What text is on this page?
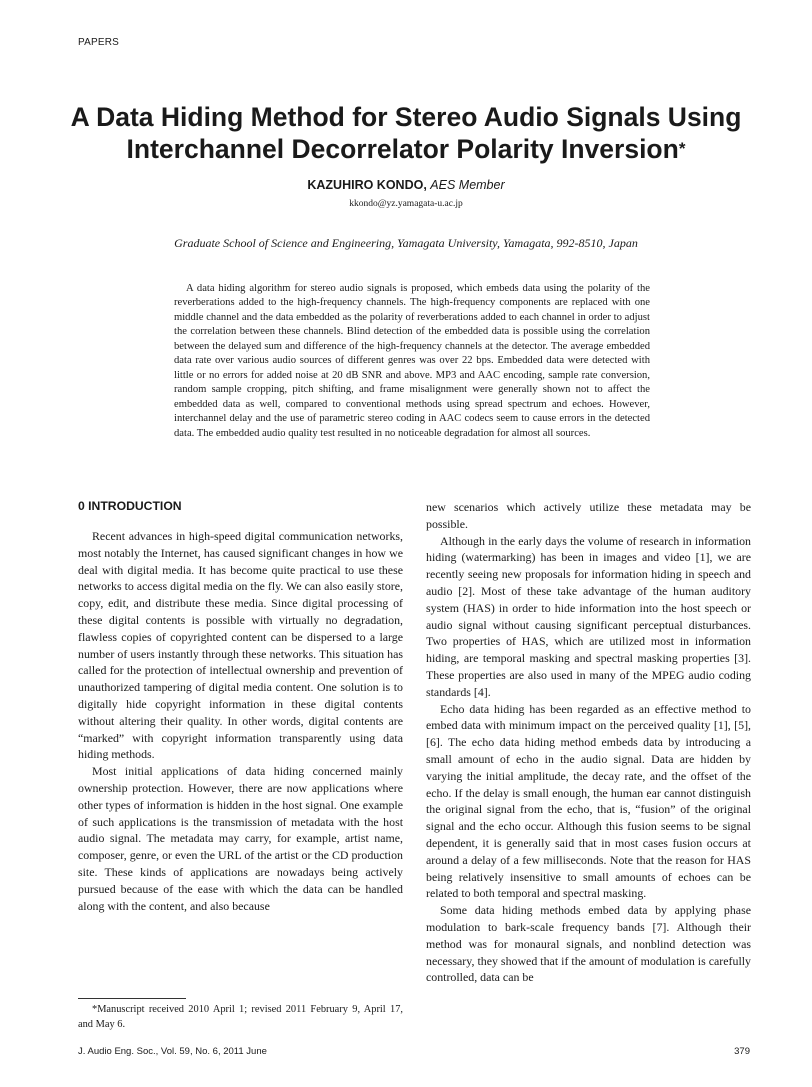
PAPERS
A Data Hiding Method for Stereo Audio Signals Using Interchannel Decorrelator Polarity Inversion*
KAZUHIRO KONDO, AES Member
kkondo@yz.yamagata-u.ac.jp
Graduate School of Science and Engineering, Yamagata University, Yamagata, 992-8510, Japan

A data hiding algorithm for stereo audio signals is proposed, which embeds data using the polarity of the reverberations added to the high-frequency channels. The high-frequency components are replaced with one middle channel and the data embedded as the polarity of reverberations added to each channel in order to adjust the correlation between these channels. Blind detection of the embedded data is possible using the correlation between the delayed sum and difference of the high-frequency channels at the detector. The average embedded data rate over various audio sources of different genres was over 22 bps. Embedded data were detected with little or no errors for added noise at 20 dB SNR and above. MP3 and AAC encoding, sample rate conversion, random sample cropping, pitch shifting, and frame misalignment were generally shown not to affect the embedded data as well, compared to conventional methods using spread spectrum and echoes. However, interchannel delay and the use of parametric stereo coding in AAC codecs seem to cause errors in the detected data. The embedded audio quality test resulted in no noticeable degradation for almost all sources.

0 INTRODUCTION

Recent advances in high-speed digital communication networks, most notably the Internet, has caused significant changes in how we deal with digital media. It has become quite practical to use these networks to access digital media on the fly. We can also easily store, copy, edit, and distribute these media. Since digital processing of these digital contents is possible with virtually no degradation, flawless copies of copyrighted content can be dispersed to a large number of users instantly through these networks. This situation has called for the protection of intellectual ownership and prevention of unauthorized tampering of digital media content. One solution is to digitally hide copyright information in these digital contents without altering their quality. In other words, digital contents are “marked” with copyright information transparently using data hiding methods.

Most initial applications of data hiding concerned mainly ownership protection. However, there are now applications where other types of information is hidden in the host signal. One example of such applications is the transmission of metadata with the host audio signal. The metadata may carry, for example, artist name, composer, genre, or even the URL of the artist or the CD production site. These kinds of applications are nowadays being actively pursued because of the ease with which the data can be handled along with the content, and also because

new scenarios which actively utilize these metadata may be possible.

Although in the early days the volume of research in information hiding (watermarking) has been in images and video [1], we are recently seeing new proposals for information hiding in speech and audio [2]. Most of these take advantage of the human auditory system (HAS) in order to hide information into the host speech or audio signal without causing significant perceptual disturbances. Two properties of HAS, which are utilized most in information hiding, are temporal masking and spectral masking properties [3]. These properties are also used in many of the MPEG audio coding standards [4].

Echo data hiding has been regarded as an effective method to embed data with minimum impact on the perceived quality [1], [5], [6]. The echo data hiding method embeds data by introducing a small amount of echo in the audio signal. Data are hidden by varying the initial amplitude, the decay rate, and the offset of the echo. If the delay is small enough, the human ear cannot distinguish the original signal from the echo, that is, “fusion” of the original signal and the echo occur. Although this fusion seems to be signal dependent, it is generally said that in most cases fusion occurs at around a delay of a few milliseconds. Note that the reason for HAS being relatively insensitive to small amounts of echoes can be related to both temporal and spectral masking.

Some data hiding methods embed data by applying phase modulation to bark-scale frequency bands [7]. Although their method was for monaural signals, and nonblind detection was necessary, they showed that if the amount of modulation is carefully controlled, data can be

*Manuscript received 2010 April 1; revised 2011 February 9, April 17, and May 6.

J. Audio Eng. Soc., Vol. 59, No. 6, 2011 June	379
